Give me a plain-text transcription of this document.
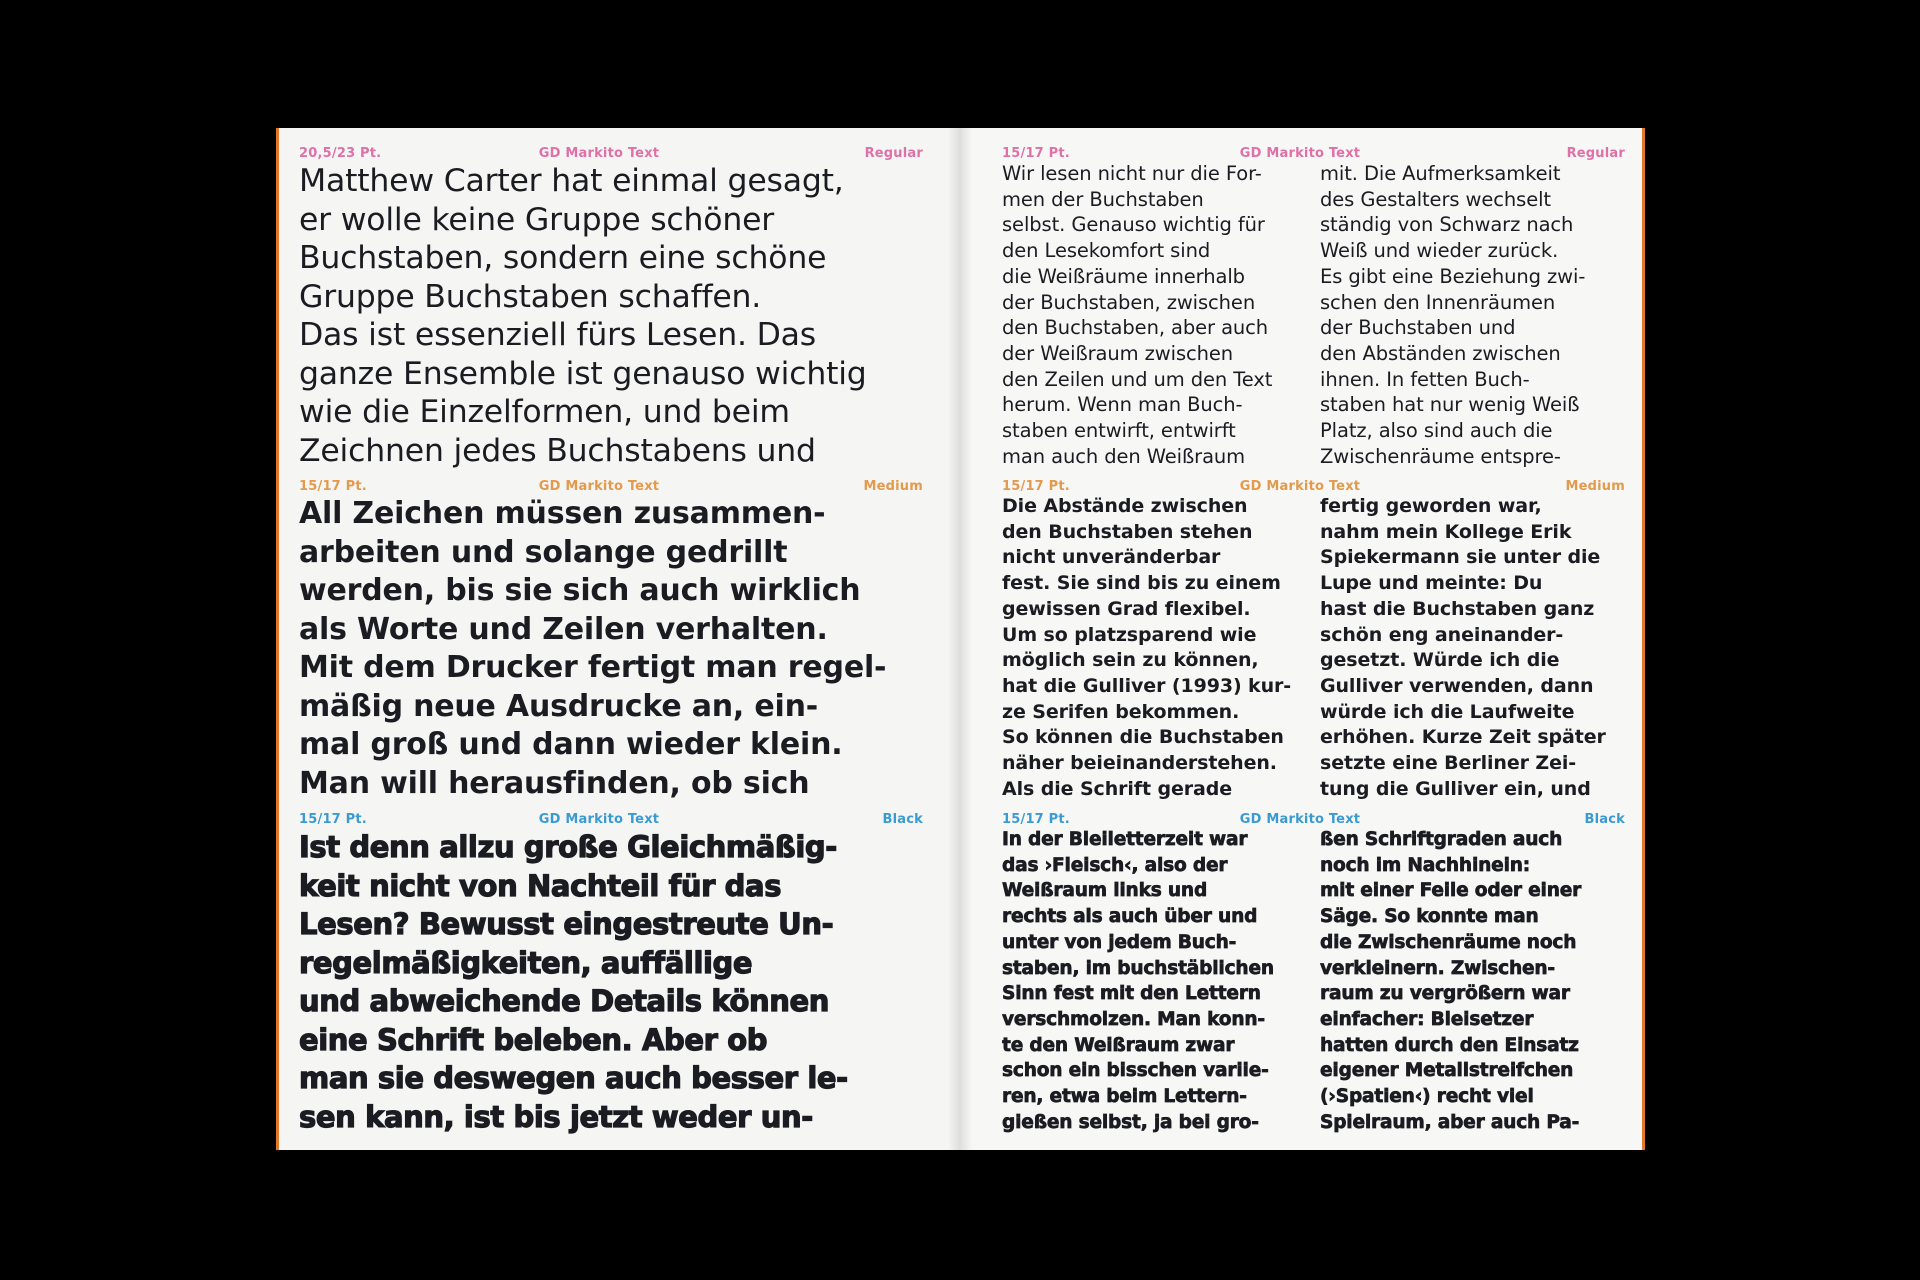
20,5/23 Pt.	GD Markito Text	Regular
Matthew Carter hat einmal gesagt,
er wolle keine Gruppe schöner
Buchstaben, sondern eine schöne
Gruppe Buchstaben schaffen.
Das ist essenziell fürs Lesen. Das
ganze Ensemble ist genauso wichtig
wie die Einzelformen, und beim
Zeichnen jedes Buchstabens und
15/17 Pt.	GD Markito Text	Medium
All Zeichen müssen zusammen-
arbeiten und solange gedrillt
werden, bis sie sich auch wirklich
als Worte und Zeilen verhalten.
Mit dem Drucker fertigt man regel-
mäßig neue Ausdrucke an, ein-
mal groß und dann wieder klein.
Man will herausfinden, ob sich
15/17 Pt.	GD Markito Text	Black
Ist denn allzu große Gleichmäßig-
keit nicht von Nachteil für das
Lesen? Bewusst eingestreute Un-
regelmäßigkeiten, auffällige
und abweichende Details können
eine Schrift beleben. Aber ob
man sie deswegen auch besser le-
sen kann, ist bis jetzt weder un-
15/17 Pt.	GD Markito Text	Regular
Wir lesen nicht nur die For-
men der Buchstaben
selbst. Genauso wichtig für
den Lesekomfort sind
die Weißräume innerhalb
der Buchstaben, zwischen
den Buchstaben, aber auch
der Weißraum zwischen
den Zeilen und um den Text
herum. Wenn man Buch-
staben entwirft, entwirft
man auch den Weißraum
mit. Die Aufmerksamkeit
des Gestalters wechselt
ständig von Schwarz nach
Weiß und wieder zurück.
Es gibt eine Beziehung zwi-
schen den Innenräumen
der Buchstaben und
den Abständen zwischen
ihnen. In fetten Buch-
staben hat nur wenig Weiß
Platz, also sind auch die
Zwischenräume entspre-
15/17 Pt.	GD Markito Text	Medium
Die Abstände zwischen
den Buchstaben stehen
nicht unveränderbar
fest. Sie sind bis zu einem
gewissen Grad flexibel.
Um so platzsparend wie
möglich sein zu können,
hat die Gulliver (1993) kur-
ze Serifen bekommen.
So können die Buchstaben
näher beieinanderstehen.
Als die Schrift gerade
fertig geworden war,
nahm mein Kollege Erik
Spiekermann sie unter die
Lupe und meinte: Du
hast die Buchstaben ganz
schön eng aneinander-
gesetzt. Würde ich die
Gulliver verwenden, dann
würde ich die Laufweite
erhöhen. Kurze Zeit später
setzte eine Berliner Zei-
tung die Gulliver ein, und
15/17 Pt.	GD Markito Text	Black
In der Bleiletterzeit war
das ›Fleisch‹, also der
Weißraum links und
rechts als auch über und
unter von jedem Buch-
staben, im buchstäblichen
Sinn fest mit den Lettern
verschmolzen. Man konn-
te den Weißraum zwar
schon ein bisschen variie-
ren, etwa beim Lettern-
gießen selbst, ja bei gro-
ßen Schriftgraden auch
noch im Nachhinein:
mit einer Feile oder einer
Säge. So konnte man
die Zwischenräume noch
verkleinern. Zwischen-
raum zu vergrößern war
einfacher: Bleisetzer
hatten durch den Einsatz
eigener Metallstreifchen
(›Spatien‹) recht viel
Spielraum, aber auch Pa-
